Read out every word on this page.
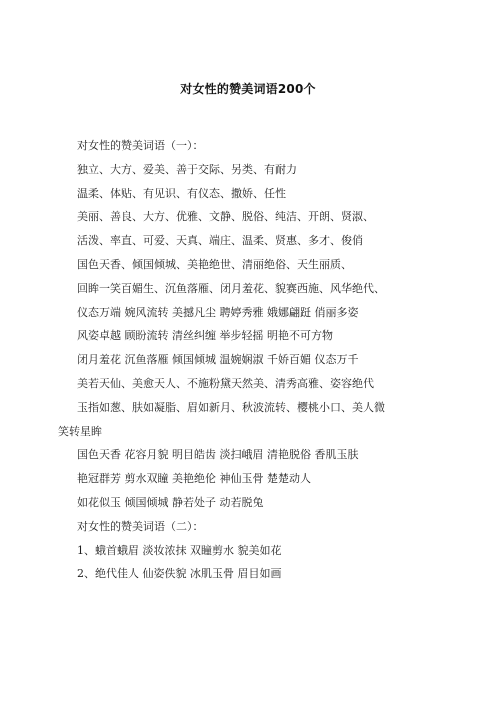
对女性的赞美词语200个
对女性的赞美词语（一）：
独立、大方、爱美、善于交际、另类、有耐力
温柔、体贴、有见识、有仪态、撒娇、任性
美丽、善良、大方、优雅、文静、脱俗、纯洁、开朗、贤淑、
活泼、率直、可爱、天真、端庄、温柔、贤惠、多才、俊俏
国色天香、倾国倾城、美艳绝世、清丽绝俗、天生丽质、
回眸一笑百媚生、沉鱼落雁、闭月羞花、貌赛西施、风华绝代、
仪态万端 婉风流转 美撼凡尘 聘婷秀雅 娥娜翩跹 俏丽多姿
风姿卓越 顾盼流转 清丝纠缠 举步轻摇 明艳不可方物
闭月羞花 沉鱼落雁 倾国倾城 温婉娴淑 千娇百媚 仪态万千
美若天仙、美愈天人、不施粉黛天然美、清秀高雅、姿容绝代
玉指如葱、肤如凝脂、眉如新月、秋波流转、樱桃小口、美人微
笑转星眸
国色天香 花容月貌 明目皓齿 淡扫峨眉 清艳脱俗 香肌玉肤
艳冠群芳 剪水双瞳 美艳绝伦 神仙玉骨 楚楚动人
如花似玉 倾国倾城 静若处子 动若脱兔
对女性的赞美词语（二）：
1、蛾首蛾眉 淡妆浓抹 双瞳剪水 貌美如花
2、绝代佳人 仙姿佚貌 冰肌玉骨 眉目如画
